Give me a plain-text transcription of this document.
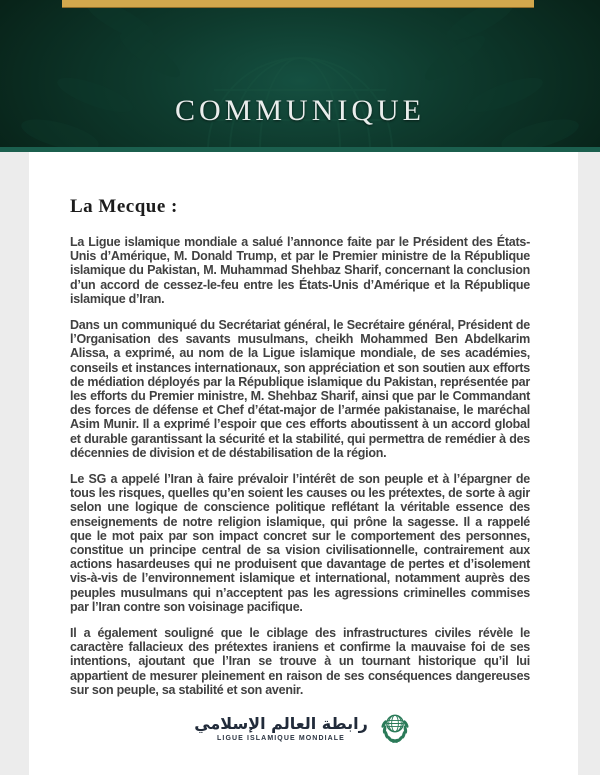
COMMUNIQUE
La Mecque :

La Ligue islamique mondiale a salué l’annonce faite par le Président des États-Unis d’Amérique, M. Donald Trump, et par le Premier ministre de la République islamique du Pakistan, M. Muhammad Shehbaz Sharif, concernant la conclusion d’un accord de cessez-le-feu entre les États-Unis d’Amérique et la République islamique d’Iran.

Dans un communiqué du Secrétariat général, le Secrétaire général, Président de l’Organisation des savants musulmans, cheikh Mohammed Ben Abdelkarim Alissa, a exprimé, au nom de la Ligue islamique mondiale, de ses académies, conseils et instances internationaux, son appréciation et son soutien aux efforts de médiation déployés par la République islamique du Pakistan, représentée par les efforts du Premier ministre, M. Shehbaz Sharif, ainsi que par le Commandant des forces de défense et Chef d’état-major de l’armée pakistanaise, le maréchal Asim Munir. Il a exprimé l’espoir que ces efforts aboutissent à un accord global et durable garantissant la sécurité et la stabilité, qui permettra de remédier à des décennies de division et de déstabilisation de la région.

Le SG a appelé l’Iran à faire prévaloir l’intérêt de son peuple et à l’épargner de tous les risques, quelles qu’en soient les causes ou les prétextes, de sorte à agir selon une logique de conscience politique reflétant la véritable essence des enseignements de notre religion islamique, qui prône la sagesse. Il a rappelé que le mot paix par son impact concret sur le comportement des personnes, constitue un principe central de sa vision civilisationnelle, contrairement aux actions hasardeuses qui ne produisent que davantage de pertes et d’isolement vis-à-vis de l’environnement islamique et international, notamment auprès des peuples musulmans qui n’acceptent pas les agressions criminelles commises par l’Iran contre son voisinage pacifique.

Il a également souligné que le ciblage des infrastructures civiles révèle le caractère fallacieux des prétextes iraniens et confirme la mauvaise foi de ses intentions, ajoutant que l’Iran se trouve à un tournant historique qu’il lui appartient de mesurer pleinement en raison de ses conséquences dangereuses sur son peuple, sa stabilité et son avenir.

رابطة العالم الإسلامي
LIGUE ISLAMIQUE MONDIALE
